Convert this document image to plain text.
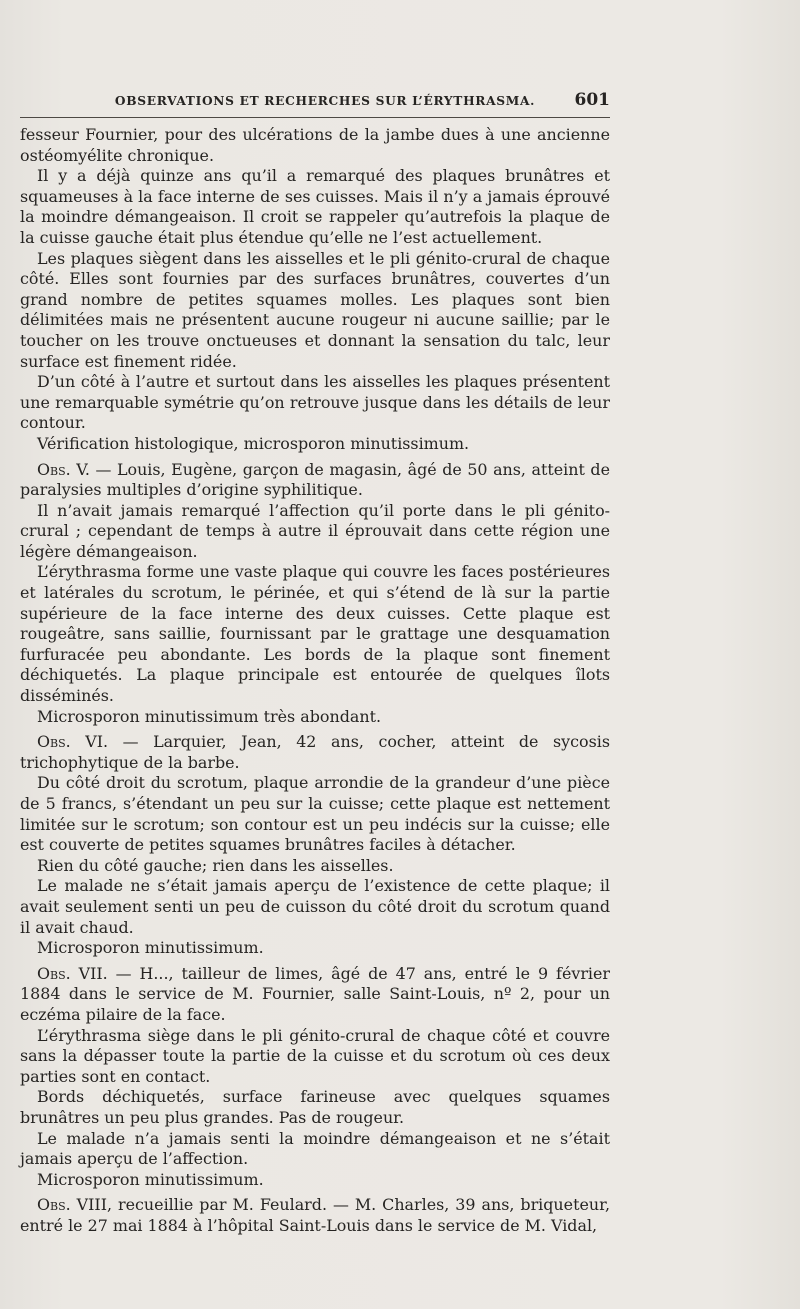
OBSERVATIONS ET RECHERCHES SUR L’ÉRYTHRASMA.	601

fesseur Fournier, pour des ulcérations de la jambe dues à une ancienne ostéomyélite chronique.

Il y a déjà quinze ans qu’il a remarqué des plaques brunâtres et squameuses à la face interne de ses cuisses. Mais il n’y a jamais éprouvé la moindre démangeaison. Il croit se rappeler qu’autrefois la plaque de la cuisse gauche était plus étendue qu’elle ne l’est actuellement.

Les plaques siègent dans les aisselles et le pli génito-crural de chaque côté. Elles sont fournies par des surfaces brunâtres, couvertes d’un grand nombre de petites squames molles. Les plaques sont bien délimitées mais ne présentent aucune rougeur ni aucune saillie; par le toucher on les trouve onctueuses et donnant la sensation du talc, leur surface est finement ridée.

D’un côté à l’autre et surtout dans les aisselles les plaques présentent une remarquable symétrie qu’on retrouve jusque dans les détails de leur contour.

Vérification histologique, microsporon minutissimum.

Obs. V. — Louis, Eugène, garçon de magasin, âgé de 50 ans, atteint de paralysies multiples d’origine syphilitique.

Il n’avait jamais remarqué l’affection qu’il porte dans le pli génito-crural ; cependant de temps à autre il éprouvait dans cette région une légère démangeaison.

L’érythrasma forme une vaste plaque qui couvre les faces postérieures et latérales du scrotum, le périnée, et qui s’étend de là sur la partie supérieure de la face interne des deux cuisses. Cette plaque est rougeâtre, sans saillie, fournissant par le grattage une desquamation furfuracée peu abondante. Les bords de la plaque sont finement déchiquetés. La plaque principale est entourée de quelques îlots disséminés.

Microsporon minutissimum très abondant.

Obs. VI. — Larquier, Jean, 42 ans, cocher, atteint de sycosis trichophytique de la barbe.

Du côté droit du scrotum, plaque arrondie de la grandeur d’une pièce de 5 francs, s’étendant un peu sur la cuisse; cette plaque est nettement limitée sur le scrotum; son contour est un peu indécis sur la cuisse; elle est couverte de petites squames brunâtres faciles à détacher.

Rien du côté gauche; rien dans les aisselles.

Le malade ne s’était jamais aperçu de l’existence de cette plaque; il avait seulement senti un peu de cuisson du côté droit du scrotum quand il avait chaud.

Microsporon minutissimum.

Obs. VII. — H..., tailleur de limes, âgé de 47 ans, entré le 9 février 1884 dans le service de M. Fournier, salle Saint-Louis, nº 2, pour un eczéma pilaire de la face.

L’érythrasma siège dans le pli génito-crural de chaque côté et couvre sans la dépasser toute la partie de la cuisse et du scrotum où ces deux parties sont en contact.

Bords déchiquetés, surface farineuse avec quelques squames brunâtres un peu plus grandes. Pas de rougeur.

Le malade n’a jamais senti la moindre démangeaison et ne s’était jamais aperçu de l’affection.

Microsporon minutissimum.

Obs. VIII, recueillie par M. Feulard. — M. Charles, 39 ans, briqueteur, entré le 27 mai 1884 à l’hôpital Saint-Louis dans le service de M. Vidal,
